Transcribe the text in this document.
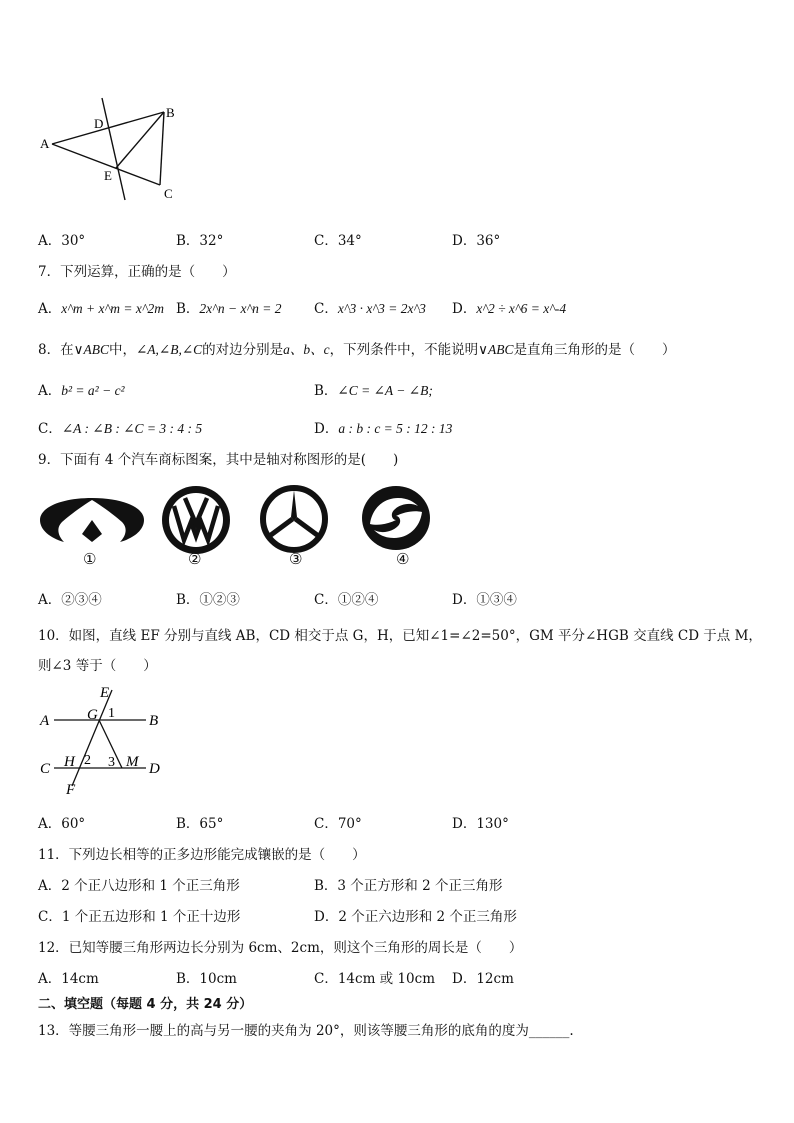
A
D
B
E
C
A．30°	B．32°	C．34°	D．36°
7．下列运算，正确的是（　　）
A．x^m + x^m = x^2m B．2x^n − x^n = 2 C．x^3 · x^3 = 2x^3 D．x^2 ÷ x^6 = x^-4
8．在∨ABC中，∠A,∠B,∠C的对边分别是a、b、c，下列条件中，不能说明∨ABC是直角三角形的是（　　）
A．b² = a² − c²	B．∠C = ∠A − ∠B;
C．∠A : ∠B : ∠C = 3 : 4 : 5	D．a : b : c = 5 : 12 : 13
9．下面有 4 个汽车商标图案，其中是轴对称图形的是(　　)
①	②	③	④
A．②③④	B．①②③	C．①②④	D．①③④
10．如图，直线 EF 分别与直线 AB，CD 相交于点 G，H，已知∠1=∠2=50°，GM 平分∠HGB 交直线 CD 于点 M，
则∠3 等于（　　）
E
A	G 1 B
C H 2 3 M D
F
A．60°	B．65°	C．70°	D．130°
11．下列边长相等的正多边形能完成镶嵌的是（　　）
A．2 个正八边形和 1 个正三角形	B．3 个正方形和 2 个正三角形
C．1 个正五边形和 1 个正十边形	D．2 个正六边形和 2 个正三角形
12．已知等腰三角形两边长分别为 6cm、2cm，则这个三角形的周长是（　　）
A．14cm	B．10cm	C．14cm 或 10cm D．12cm
二、填空题（每题 4 分，共 24 分）
13．等腰三角形一腰上的高与另一腰的夹角为 20°，则该等腰三角形的底角的度为______.
